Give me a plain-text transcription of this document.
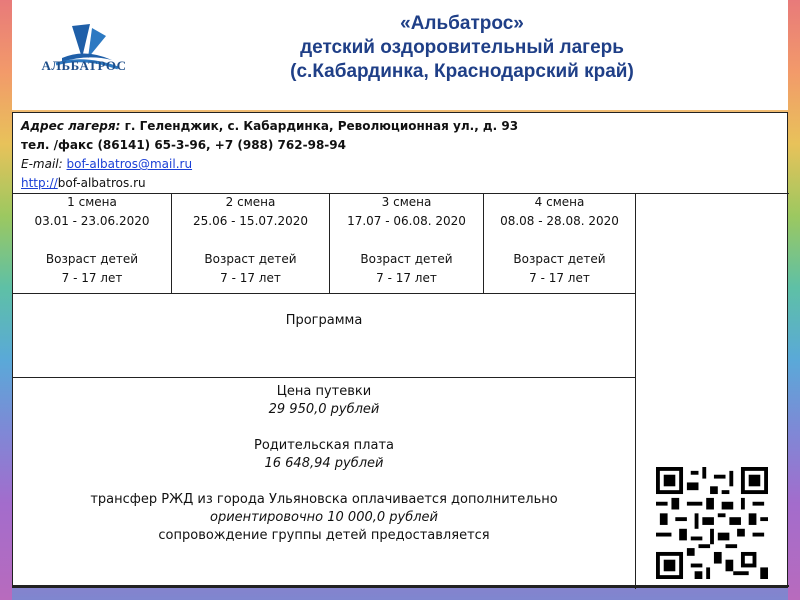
АЛЬБАТРОС
«Альбатрос»
детский оздоровительный лагерь
(с.Кабардинка, Краснодарский край)
Адрес лагеря: г. Геленджик, с. Кабардинка, Революционная ул., д. 93
тел. /факс (86141) 65-3-96, +7 (988) 762-98-94
E-mail: bof-albatros@mail.ru
http://bof-albatros.ru
1 смена
03.01 - 23.06.2020
Возраст детей
7 - 17 лет
2 смена
25.06 - 15.07.2020
Возраст детей
7 - 17 лет
3 смена
17.07 - 06.08. 2020
Возраст детей
7 - 17 лет
4 смена
08.08 - 28.08. 2020
Возраст детей
7 - 17 лет
Программа
Цена путевки
29 950,0 рублей
Родительская плата
16 648,94 рублей
трансфер РЖД из города Ульяновска оплачивается дополнительно
ориентировочно 10 000,0 рублей
сопровождение группы детей предоставляется
